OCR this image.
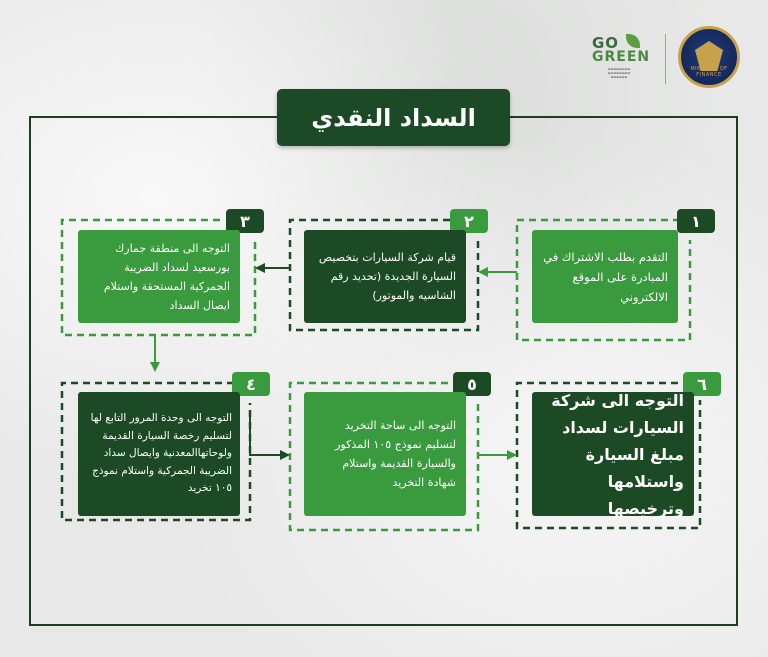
GO
GREEN
▬▬▬▬▬▬▬▬
▬▬▬▬▬▬▬▬
▬▬▬▬▬▬
MINISTRY OF FINANCE
السداد النقدي
١
٢
٣
٤	٥	٦
التقدم بطلب الاشتراك في المبادرة على الموقع الالكتروني
قيام شركة السيارات بتخصيص السيارة الجديدة (تحديد رقم الشاسيه والموتور)
التوجه الى منطقة جمارك بورسعيد لسداد الضريبة الجمركية المستحقة واستلام ايصال السداد
التوجه الى وحدة المرور التابع لها لتسليم رخصة السيارة القديمة ولوحاتهاالمعدنية وايصال سداد الضريبة الجمركية واستلام نموذج ١٠٥ تخريد
التوجه الى ساحة التخريد لتسليم نموذج ١٠٥ المذكور والسيارة القديمة واستلام شهادة التخريد
التوجه الى شركة السيارات لسداد مبلغ السيارة واستلامها وترخيصها
